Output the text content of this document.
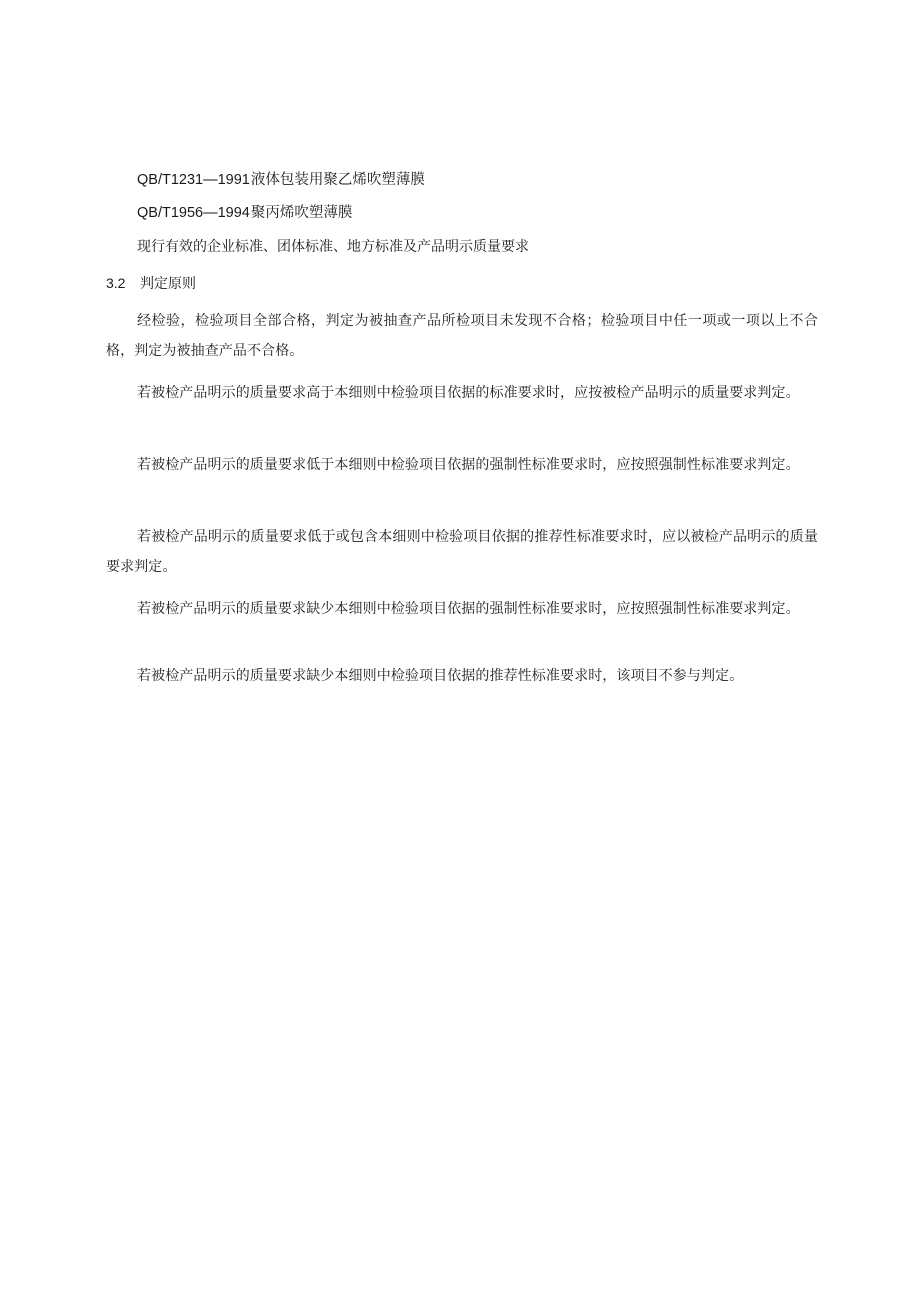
QB/T1231—1991液体包装用聚乙烯吹塑薄膜
QB/T1956—1994聚丙烯吹塑薄膜
现行有效的企业标准、团体标准、地方标准及产品明示质量要求
3.2 判定原则

经检验，检验项目全部合格，判定为被抽查产品所检项目未发现不合格；检验项目中任一项或一项以上不合格，判定为被抽查产品不合格。

若被检产品明示的质量要求高于本细则中检验项目依据的标准要求时，应按被检产品明示的质量要求判定。

若被检产品明示的质量要求低于本细则中检验项目依据的强制性标准要求时，应按照强制性标准要求判定。

若被检产品明示的质量要求低于或包含本细则中检验项目依据的推荐性标准要求时，应以被检产品明示的质量要求判定。

若被检产品明示的质量要求缺少本细则中检验项目依据的强制性标准要求时，应按照强制性标准要求判定。

若被检产品明示的质量要求缺少本细则中检验项目依据的推荐性标准要求时，该项目不参与判定。
